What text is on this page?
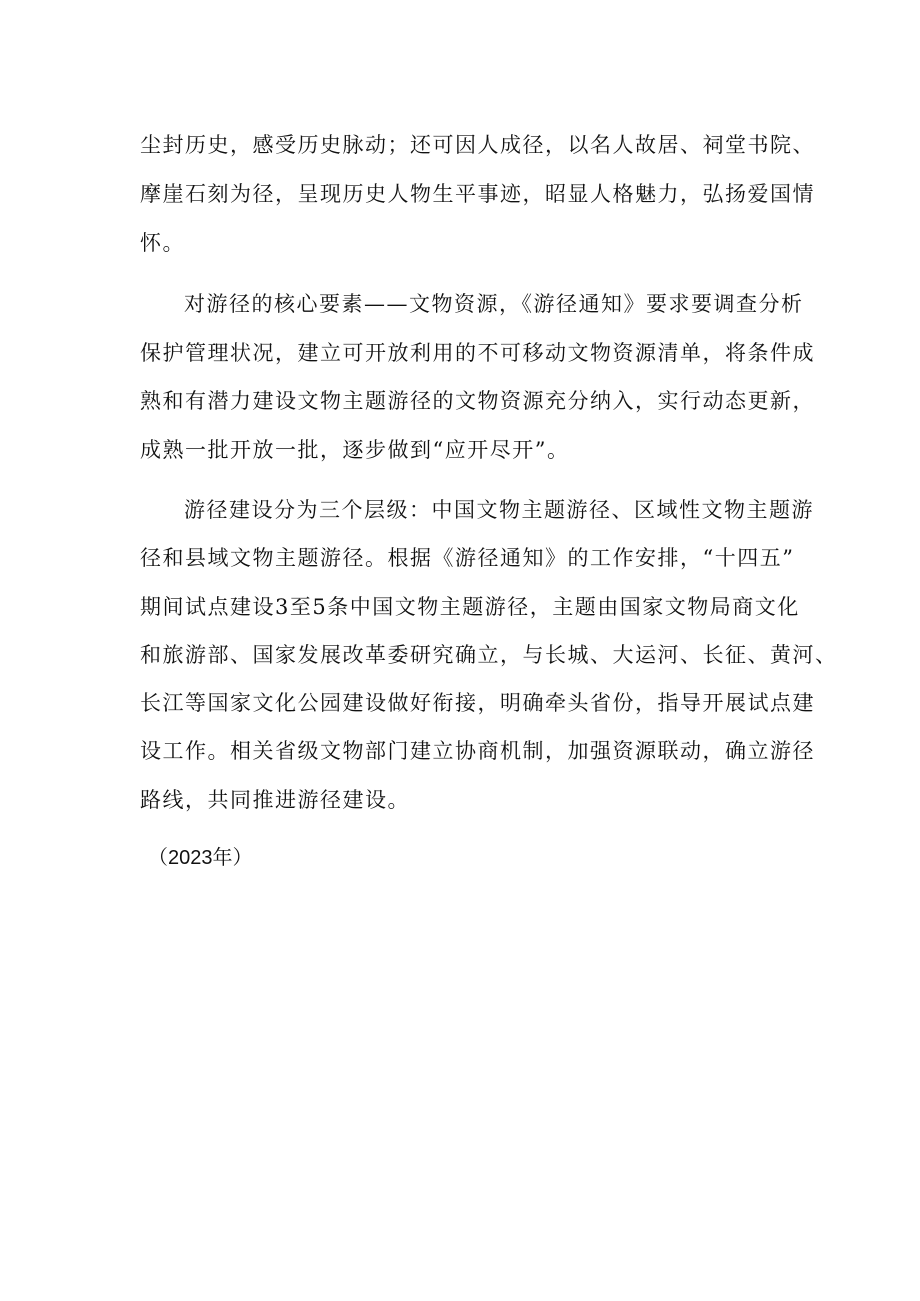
尘封历史，感受历史脉动；还可因人成径，以名人故居、祠堂书院、
摩崖石刻为径，呈现历史人物生平事迹，昭显人格魅力，弘扬爱国情
怀。
对游径的核心要素——文物资源，《游径通知》要求要调查分析
保护管理状况，建立可开放利用的不可移动文物资源清单，将条件成
熟和有潜力建设文物主题游径的文物资源充分纳入，实行动态更新，
成熟一批开放一批，逐步做到“应开尽开”。
游径建设分为三个层级：中国文物主题游径、区域性文物主题游
径和县域文物主题游径。根据《游径通知》的工作安排，“十四五”
期间试点建设3至5条中国文物主题游径，主题由国家文物局商文化
和旅游部、国家发展改革委研究确立，与长城、大运河、长征、黄河、
长江等国家文化公园建设做好衔接，明确牵头省份，指导开展试点建
设工作。相关省级文物部门建立协商机制，加强资源联动，确立游径
路线，共同推进游径建设。
（2023年）
